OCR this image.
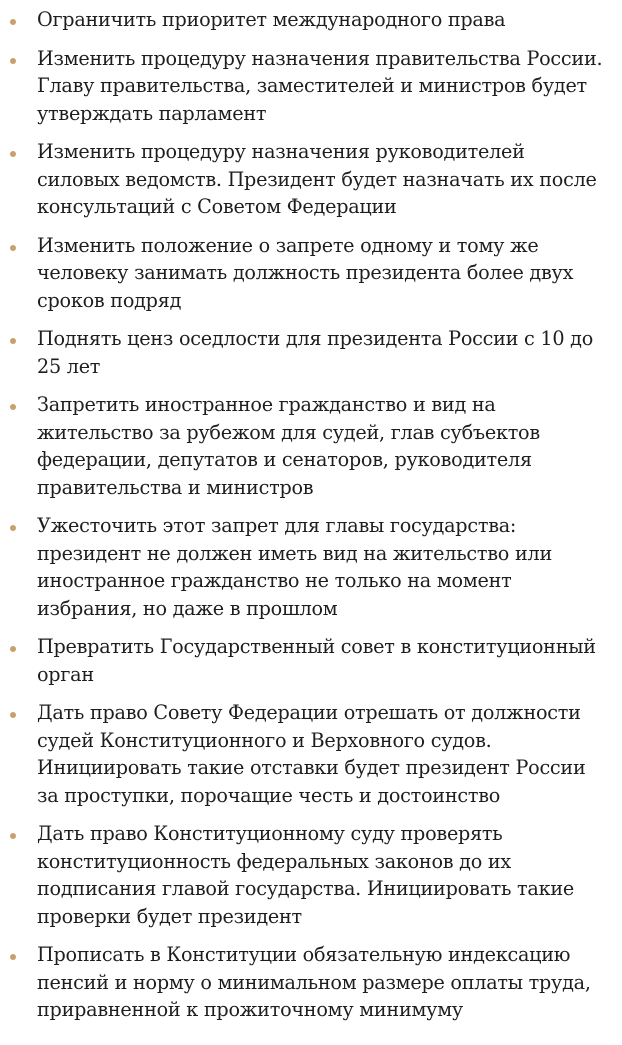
Ограничить приоритет международного права
Изменить процедуру назначения правительства России. Главу правительства, заместителей и министров будет утверждать парламент
Изменить процедуру назначения руководителей силовых ведомств. Президент будет назначать их после консультаций с Советом Федерации
Изменить положение о запрете одному и тому же человеку занимать должность президента более двух сроков подряд
Поднять ценз оседлости для президента России с 10 до 25 лет
Запретить иностранное гражданство и вид на жительство за рубежом для судей, глав субъектов федерации, депутатов и сенаторов, руководителя правительства и министров
Ужесточить этот запрет для главы государства: президент не должен иметь вид на жительство или иностранное гражданство не только на момент избрания, но даже в прошлом
Превратить Государственный совет в конституционный орган
Дать право Совету Федерации отрешать от должности судей Конституционного и Верховного судов. Инициировать такие отставки будет президент России за проступки, порочащие честь и достоинство
Дать право Конституционному суду проверять конституционность федеральных законов до их подписания главой государства. Инициировать такие проверки будет президент
Прописать в Конституции обязательную индексацию пенсий и норму о минимальном размере оплаты труда, приравненной к прожиточному минимуму
